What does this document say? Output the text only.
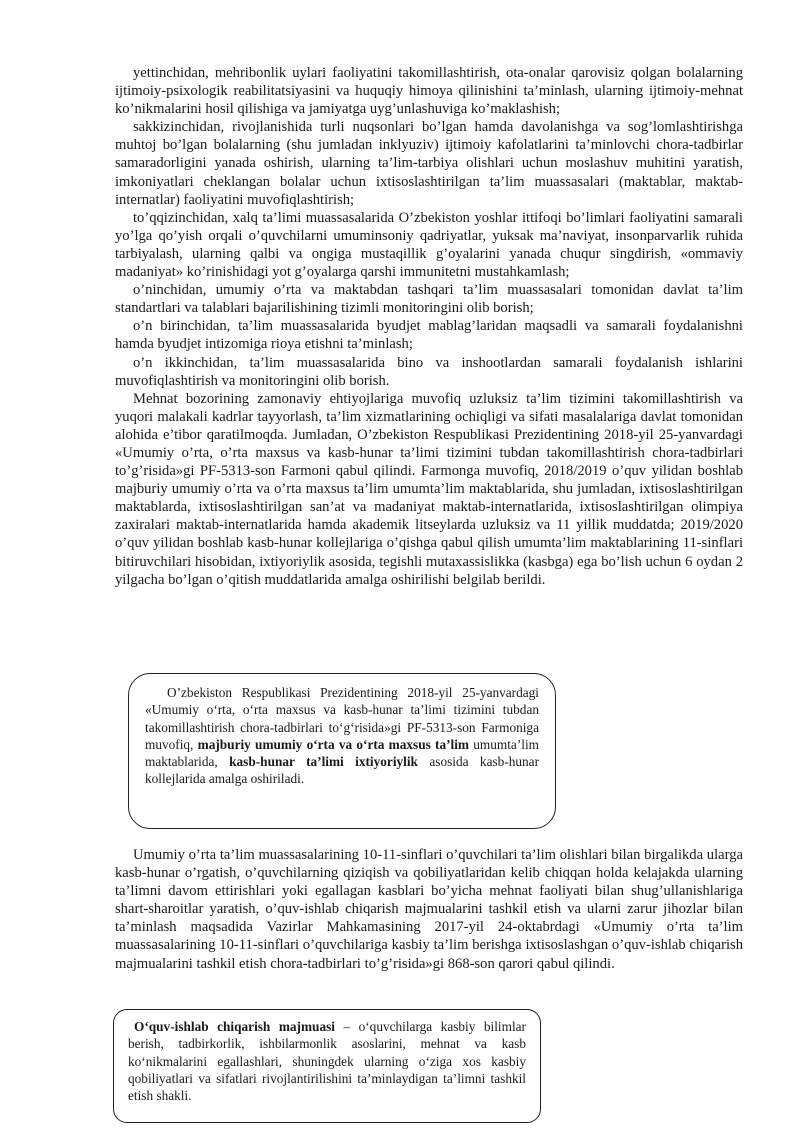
yettinchidan, mehribonlik uylari faoliyatini takomillashtirish, ota-onalar qarovisiz qolgan bolalarning ijtimoiy-psixologik reabilitatsiyasini va huquqiy himoya qilinishini ta’minlash, ularning ijtimoiy-mehnat ko’nikmalarini hosil qilishiga va jamiyatga uyg’unlashuviga ko’maklashish;

sakkizinchidan, rivojlanishida turli nuqsonlari bo’lgan hamda davolanishga va sog’lomlashtirishga muhtoj bo’lgan bolalarning (shu jumladan inklyuziv) ijtimoiy kafolatlarini ta’minlovchi chora-tadbirlar samaradorligini yanada oshirish, ularning ta’lim-tarbiya olishlari uchun moslashuv muhitini yaratish, imkoniyatlari cheklangan bolalar uchun ixtisoslashtirilgan ta’lim muassasalari (maktablar, maktab-internatlar) faoliyatini muvofiqlashtirish;

to’qqizinchidan, xalq ta’limi muassasalarida O’zbekiston yoshlar ittifoqi bo’limlari faoliyatini samarali yo’lga qo’yish orqali o’quvchilarni umuminsoniy qadriyatlar, yuksak ma’naviyat, insonparvarlik ruhida tarbiyalash, ularning qalbi va ongiga mustaqillik g’oyalarini yanada chuqur singdirish, «ommaviy madaniyat» ko’rinishidagi yot g’oyalarga qarshi immunitetni mustahkamlash;

o’ninchidan, umumiy o’rta va maktabdan tashqari ta’lim muassasalari tomonidan davlat ta’lim standartlari va talablari bajarilishining tizimli monitoringini olib borish;

o’n birinchidan, ta’lim muassasalarida byudjet mablag’laridan maqsadli va samarali foydalanishni hamda byudjet intizomiga rioya etishni ta’minlash;

o’n ikkinchidan, ta’lim muassasalarida bino va inshootlardan samarali foydalanish ishlarini muvofiqlashtirish va monitoringini olib borish.

Mehnat bozorining zamonaviy ehtiyojlariga muvofiq uzluksiz ta’lim tizimini takomillashtirish va yuqori malakali kadrlar tayyorlash, ta’lim xizmatlarining ochiqligi va sifati masalalariga davlat tomonidan alohida e’tibor qaratilmoqda. Jumladan, O’zbekiston Respublikasi Prezidentining 2018-yil 25-yanvardagi «Umumiy o’rta, o’rta maxsus va kasb-hunar ta’limi tizimini tubdan takomillashtirish chora-tadbirlari to’g’risida»gi PF-5313-son Farmoni qabul qilindi. Farmonga muvofiq, 2018/2019 o’quv yilidan boshlab majburiy umumiy o’rta va o’rta maxsus ta’lim umumta’lim maktablarida, shu jumladan, ixtisoslashtirilgan maktablarda, ixtisoslashtirilgan san’at va madaniyat maktab-internatlarida, ixtisoslashtirilgan olimpiya zaxiralari maktab-internatlarida hamda akademik litseylarda uzluksiz va 11 yillik muddatda; 2019/2020 o’quv yilidan boshlab kasb-hunar kollejlariga o’qishga qabul qilish umumta’lim maktablarining 11-sinflari bitiruvchilari hisobidan, ixtiyoriylik asosida, tegishli mutaxassislikka (kasbga) ega bo’lish uchun 6 oydan 2 yilgacha bo’lgan o’qitish muddatlarida amalga oshirilishi belgilab berildi.

O’zbekiston Respublikasi Prezidentining 2018-yil 25-yanvardagi «Umumiy o‘rta, o‘rta maxsus va kasb-hunar ta’limi tizimini tubdan takomillashtirish chora-tadbirlari to‘g‘risida»gi PF-5313-son Farmoniga muvofiq, majburiy umumiy o‘rta va o‘rta maxsus ta’lim umumta’lim maktablarida, kasb-hunar ta’limi ixtiyoriylik asosida kasb-hunar kollejlarida amalga oshiriladi.

Umumiy o’rta ta’lim muassasalarining 10-11-sinflari o’quvchilari ta’lim olishlari bilan birgalikda ularga kasb-hunar o’rgatish, o’quvchilarning qiziqish va qobiliyatlaridan kelib chiqqan holda kelajakda ularning ta’limni davom ettirishlari yoki egallagan kasblari bo’yicha mehnat faoliyati bilan shug’ullanishlariga shart-sharoitlar yaratish, o’quv-ishlab chiqarish majmualarini tashkil etish va ularni zarur jihozlar bilan ta’minlash maqsadida Vazirlar Mahkamasining 2017-yil 24-oktabrdagi «Umumiy o’rta ta’lim muassasalarining 10-11-sinflari o’quvchilariga kasbiy ta’lim berishga ixtisoslashgan o’quv-ishlab chiqarish majmualarini tashkil etish chora-tadbirlari to’g’risida»gi 868-son qarori qabul qilindi.

O‘quv-ishlab chiqarish majmuasi – o‘quvchilarga kasbiy bilimlar berish, tadbirkorlik, ishbilarmonlik asoslarini, mehnat va kasb ko‘nikmalarini egallashlari, shuningdek ularning o‘ziga xos kasbiy qobiliyatlari va sifatlari rivojlantirilishini ta’minlaydigan ta’limni tashkil etish shakli.
